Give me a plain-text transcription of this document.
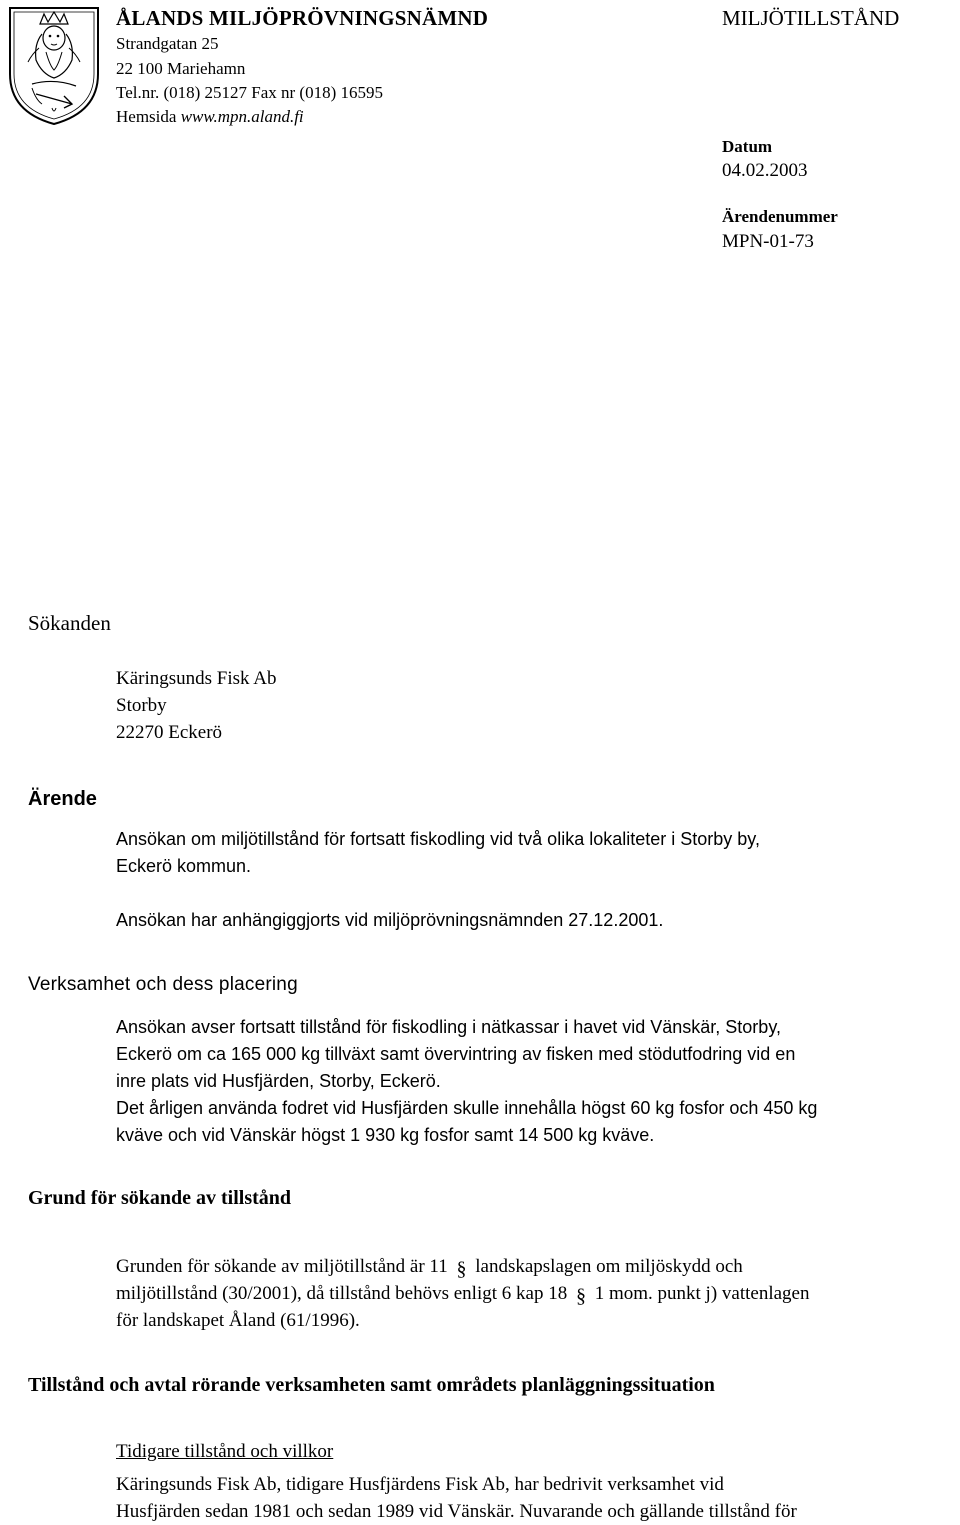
ÅLANDS MILJÖPRÖVNINGSNÄMND
Strandgatan 25
22 100 Mariehamn
Tel.nr. (018) 25127 Fax nr (018) 16595
Hemsida www.mpn.aland.fi
MILJÖTILLSTÅND
Datum
04.02.2003
Ärendenummer
MPN-01-73
Sökanden
Käringsunds Fisk Ab
Storby
22270 Eckerö
Ärende
Ansökan om miljötillstånd för fortsatt fiskodling vid två olika lokaliteter i Storby by,
Eckerö kommun.
Ansökan har anhängiggjorts vid miljöprövningsnämnden 27.12.2001.
Verksamhet och dess placering
Ansökan avser fortsatt tillstånd för fiskodling i nätkassar i havet vid Vänskär, Storby,
Eckerö om ca 165 000 kg tillväxt samt övervintring av fisken med stödutfodring vid en
inre plats vid Husfjärden, Storby, Eckerö.
Det årligen använda fodret vid Husfjärden skulle innehålla högst 60 kg fosfor och 450 kg
kväve och vid Vänskär högst 1 930 kg fosfor samt 14 500 kg kväve.
Grund för sökande av tillstånd
Grunden för sökande av miljötillstånd är 11 § landskapslagen om miljöskydd och
miljötillstånd (30/2001), då tillstånd behövs enligt 6 kap 18 § 1 mom. punkt j) vattenlagen
för landskapet Åland (61/1996).
Tillstånd och avtal rörande verksamheten samt områdets planläggningssituation
Tidigare tillstånd och villkor
Käringsunds Fisk Ab, tidigare Husfjärdens Fisk Ab, har bedrivit verksamhet vid
Husfjärden sedan 1981 och sedan 1989 vid Vänskär. Nuvarande och gällande tillstånd för
